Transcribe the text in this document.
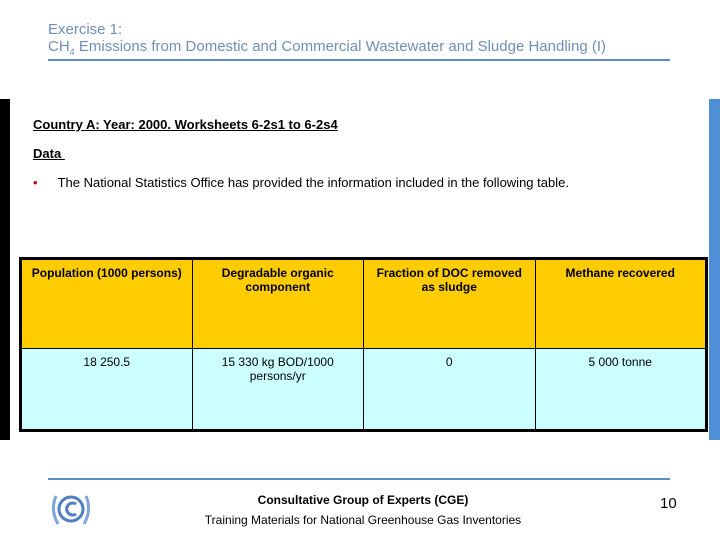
Exercise 1:
$CH_4$ Emissions from Domestic and Commercial Wastewater and Sludge Handling (I)
Country A: Year: 2000. Worksheets 6-2s1 to 6-2s4
Data
• The National Statistics Office has provided the information included in the following table.
Population (1000 persons)	Degradable organic component	Fraction of DOC removed as sludge	Methane recovered
18 250.5	15 330 kg BOD/1000 persons/yr	0	5 000 tonne
Consultative Group of Experts (CGE)
Training Materials for National Greenhouse Gas Inventories
10
